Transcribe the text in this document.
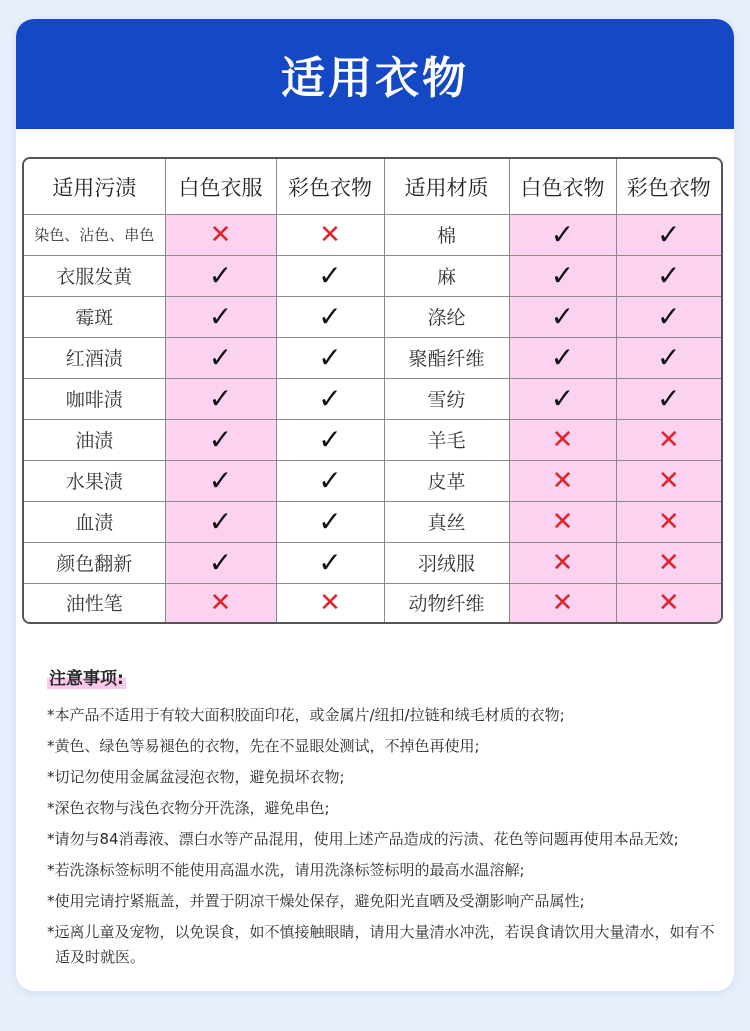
适用衣物
适用污渍	白色衣服	彩色衣物	适用材质	白色衣物	彩色衣物
染色、沾色、串色	✕	✕	棉	✓	✓
衣服发黄	✓	✓	麻	✓	✓
霉斑	✓	✓	涤纶	✓	✓
红酒渍	✓	✓	聚酯纤维	✓	✓
咖啡渍	✓	✓	雪纺	✓	✓
油渍	✓	✓	羊毛	✕	✕
水果渍	✓	✓	皮革	✕	✕
血渍	✓	✓	真丝	✕	✕
颜色翻新	✓	✓	羽绒服	✕	✕
油性笔	✕	✕	动物纤维	✕	✕
注意事项:
*本产品不适用于有较大面积胶面印花，或金属片/纽扣/拉链和绒毛材质的衣物;
*黄色、绿色等易褪色的衣物，先在不显眼处测试，不掉色再使用;
*切记勿使用金属盆浸泡衣物，避免损坏衣物;
*深色衣物与浅色衣物分开洗涤，避免串色;
*请勿与84消毒液、漂白水等产品混用，使用上述产品造成的污渍、花色等问题再使用本品无效;
*若洗涤标签标明不能使用高温水洗，请用洗涤标签标明的最高水温溶解;
*使用完请拧紧瓶盖，并置于阴凉干燥处保存，避免阳光直晒及受潮影响产品属性;
*远离儿童及宠物，以免误食，如不慎接触眼睛，请用大量清水冲洗，若误食请饮用大量清水，如有不适及时就医。
